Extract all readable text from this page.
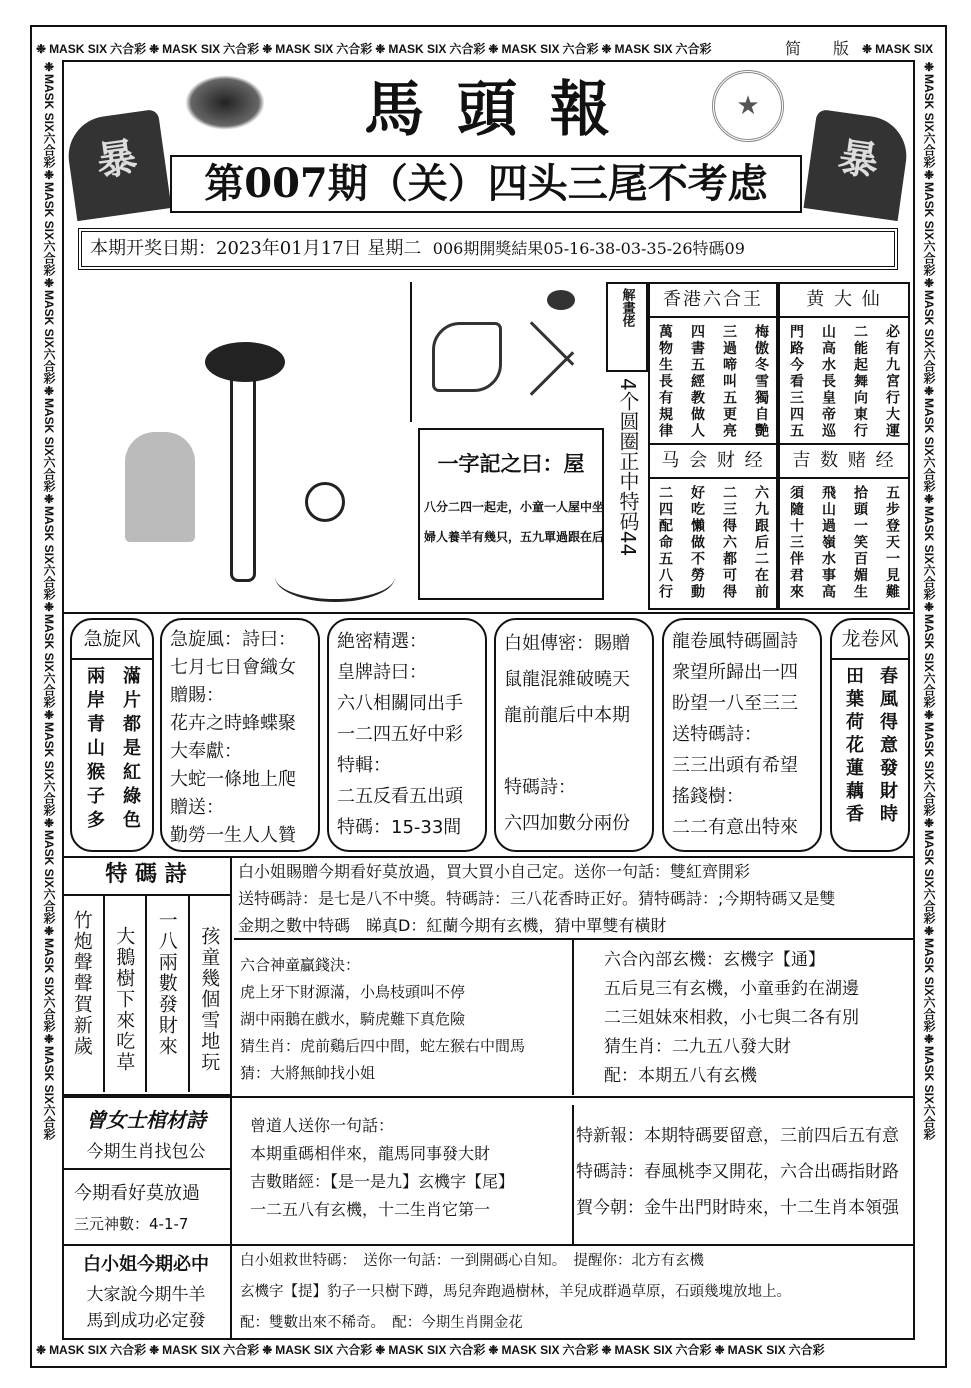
❉ MASK SIX 六合彩 ❉ MASK SIX 六合彩 ❉ MASK SIX 六合彩 ❉ MASK SIX 六合彩 ❉ MASK SIX 六合彩 ❉ MASK SIX 六合彩	简　　 版 ❉ MASK SIX
❉ MASK SIX 六合彩 ❉ MASK SIX 六合彩 ❉ MASK SIX 六合彩 ❉ MASK SIX 六合彩 ❉ MASK SIX 六合彩 ❉ MASK SIX 六合彩 ❉ MASK SIX 六合彩
❉MASK SIX六合彩❉MASK SIX六合彩❉MASK SIX六合彩❉MASK SIX六合彩❉MASK SIX六合彩❉MASK SIX六合彩❉MASK SIX六合彩❉MASK SIX六合彩❉MASK SIX六合彩❉MASK SIX六合彩
❉MASK SIX六合彩❉MASK SIX六合彩❉MASK SIX六合彩❉MASK SIX六合彩❉MASK SIX六合彩❉MASK SIX六合彩❉MASK SIX六合彩❉MASK SIX六合彩❉MASK SIX六合彩❉MASK SIX六合彩
暴	暴
馬 頭 報	★
第007期（关）四头三尾不考虑
本期开奖日期：2023年01月17日 星期二 006期開獎結果05-16-38-03-35-26特碼09
一字記之曰：屋
八分二四一起走，小童一人屋中坐
婦人養羊有幾只，五九單過跟在后
解畫佬
4个圆圈正中特码44
香港六合王
梅傲冬雪獨自艷
三過啼叫五更亮
四書五經教做人
萬物生長有規律
黄 大 仙
必有九宮行大運
二能起舞向東行
山高水長皇帝巡
門路今看三四五
马 会 财 经
六九跟后二在前
二三得六都可得
好吃懶做不勞動
二四配命五八行
吉 数 赌 经
五步登天一見難
拾頭一笑百媚生
飛山過嶺水事高
須隨十三伴君來
急旋风
滿片都是紅綠色
兩岸青山猴子多
急旋風：詩曰：
七月七日會織女
贈賜：
花卉之時蜂蝶聚
大奉獻：
大蛇一條地上爬
贈送：
勤勞一生人人贊
絶密精選：
皇牌詩曰：
六八相關同出手
一二四五好中彩
特輯：
二五反看五出頭
特碼：15-33間
白姐傳密：賜贈
鼠龍混雜破曉天
龍前龍后中本期

特碼詩：
六四加數分兩份
龍卷風特碼圖詩
衆望所歸出一四
盼望一八至三三
送特碼詩：
三三出頭有希望
搖錢樹：
二二有意出特來
龙卷风
春風得意發財時
田葉荷花蓮藕香
特 碼 詩
孩童幾個雪地玩
一八兩數發財來
大鵝樹下來吃草
竹炮聲聲賀新歲
白小姐賜贈今期看好莫放過，買大買小自己定。送你一句話：雙紅齊開彩
送特碼詩：是七是八不中獎。特碼詩：三八花香時正好。猜特碼詩：;今期特碼又是雙
金期之數中特碼　睇真D：紅蘭今期有玄機，猜中單雙有橫財
六合神童贏錢決：
虎上牙下財源滿，小鳥枝頭叫不停
湖中兩鵝在戲水，騎虎難下真危險
猜生肖：虎前鷄后四中間，蛇左猴右中間馬
猜：大將無帥找小姐
六合內部玄機：玄機字【通】
五后見三有玄機，小童垂釣在湖邊
二三姐妹來相救，小七與二各有別
猜生肖：二九五八發大財
配：本期五八有玄機
曾女士棺材詩
今期生肖找包公
今期看好莫放過
三元神數：4-1-7
曾道人送你一句話：
本期重碼相伴來，龍馬同事發大財
吉數賭經：【是一是九】玄機字【尾】
一二五八有玄機，十二生肖它第一
特新報：本期特碼要留意，三前四后五有意
特碼詩：春風桃李又開花，六合出碼指財路
賀今朝：金牛出門財時來，十二生肖本領强
白小姐今期必中
大家說今期牛羊
馬到成功必定發
白小姐救世特碼：　送你一句話：一到開碼心自知。　提醒你：北方有玄機
玄機字【提】豹子一只樹下蹲，馬兒奔跑過樹林，羊兒成群過草原，石頭幾塊放地上。
配：雙數出來不稀奇。　配：今期生肖開金花
